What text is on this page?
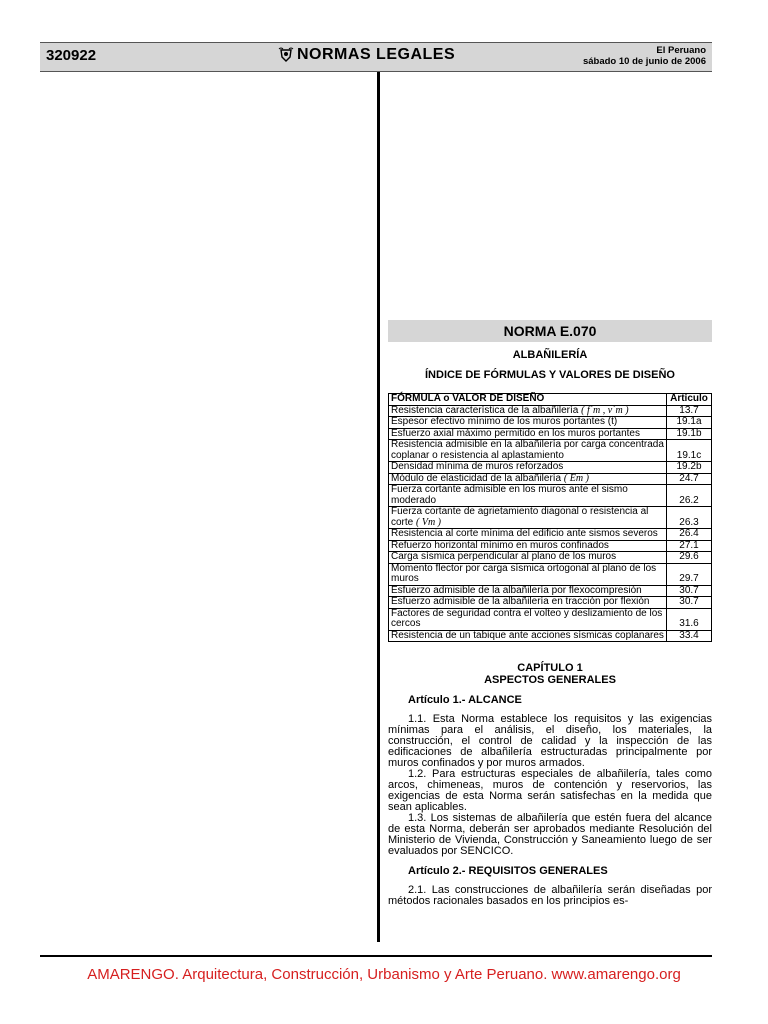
320922	NORMAS LEGALES	El Peruano
sábado 10 de junio de 2006
NORMA E.070
ALBAÑILERÍA
ÍNDICE DE FÓRMULAS Y VALORES DE DISEÑO
FÓRMULA o VALOR DE DISEÑO	Artículo
Resistencia característica de la albañilería ( f´m , v´m )	13.7
Espesor efectivo mínimo de los muros portantes (t)	19.1a
Esfuerzo axial máximo permitido en los muros portantes	19.1b
Resistencia admisible en la albañilería por carga concentrada coplanar o resistencia al aplastamiento	19.1c
Densidad mínima de muros reforzados	19.2b
Módulo de elasticidad de la albañilería ( Em )	24.7
Fuerza cortante admisible en los muros ante el sismo moderado	26.2
Fuerza cortante de agrietamiento diagonal o resistencia al corte ( Vm )	26.3
Resistencia al corte mínima del edificio ante sismos severos	26.4
Refuerzo horizontal mínimo en muros confinados	27.1
Carga sísmica perpendicular al plano de los muros	29.6
Momento flector por carga sísmica ortogonal al plano de los muros	29.7
Esfuerzo admisible de la albañilería por flexocompresión	30.7
Esfuerzo admisible de la albañilería en tracción por flexión	30.7
Factores de seguridad contra el volteo y deslizamiento de los cercos	31.6
Resistencia de un tabique ante acciones sísmicas coplanares	33.4
CAPÍTULO 1
ASPECTOS GENERALES
Artículo 1.- ALCANCE

1.1. Esta Norma establece los requisitos y las exigencias mínimas para el análisis, el diseño, los materiales, la construcción, el control de calidad y la inspección de las edificaciones de albañilería estructuradas principalmente por muros confinados y por muros armados.

1.2. Para estructuras especiales de albañilería, tales como arcos, chimeneas, muros de contención y reservorios, las exigencias de esta Norma serán satisfechas en la medida que sean aplicables.

1.3. Los sistemas de albañilería que estén fuera del alcance de esta Norma, deberán ser aprobados mediante Resolución del Ministerio de Vivienda, Construcción y Saneamiento luego de ser evaluados por SENCICO.

Artículo 2.- REQUISITOS GENERALES

2.1. Las construcciones de albañilería serán diseñadas por métodos racionales basados en los principios es-

AMARENGO. Arquitectura, Construcción, Urbanismo y Arte Peruano. www.amarengo.org
